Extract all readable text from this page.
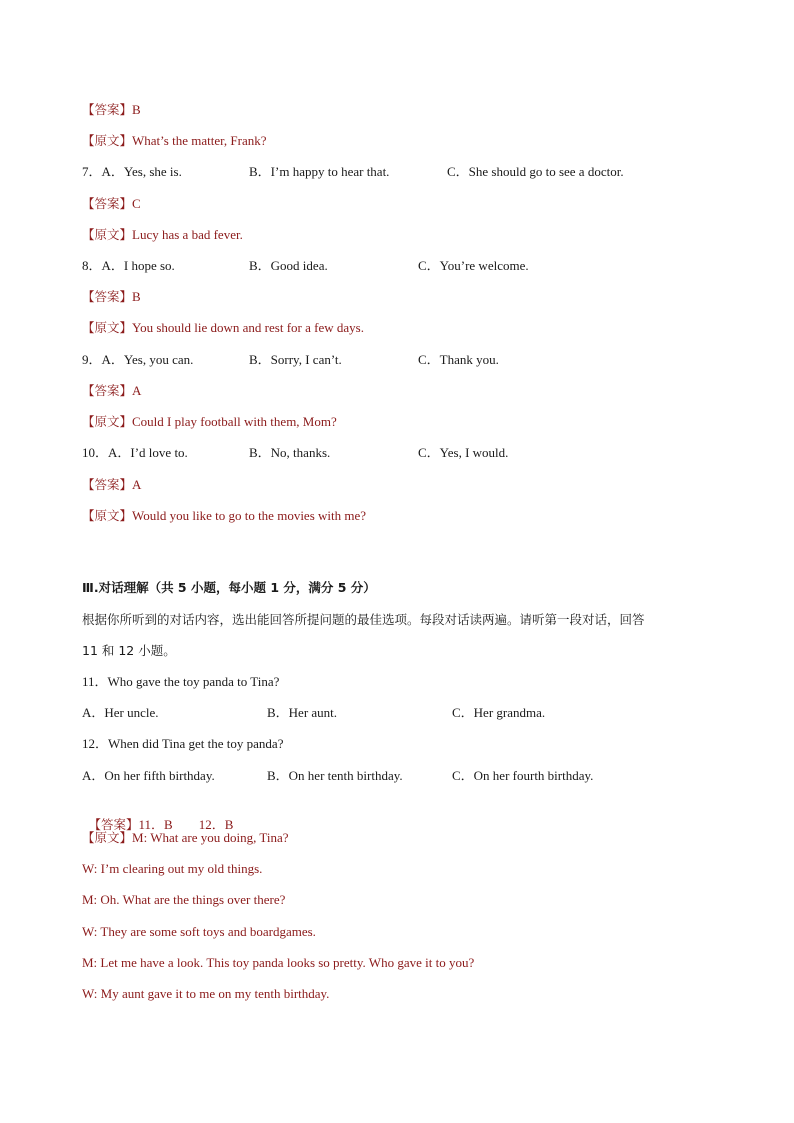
【答案】B
【原文】What’s the matter, Frank?
7．A．Yes, she is.	B．I’m happy to hear that.	C．She should go to see a doctor.
【答案】C
【原文】Lucy has a bad fever.
8．A．I hope so.	B．Good idea.	C．You’re welcome.
【答案】B
【原文】You should lie down and rest for a few days.
9．A．Yes, you can.	B．Sorry, I can’t.	C．Thank you.
【答案】A
【原文】Could I play football with them, Mom?
10．A．I’d love to.	B．No, thanks.	C．Yes, I would.
【答案】A
【原文】Would you like to go to the movies with me?
Ⅲ.对话理解（共 5 小题，每小题 1 分，满分 5 分）
根据你所听到的对话内容，选出能回答所提问题的最佳选项。每段对话读两遍。请听第一段对话，回答
11 和 12 小题。
11．Who gave the toy panda to Tina?
A．Her uncle.	B．Her aunt.	C．Her grandma.
12．When did Tina get the toy panda?
A．On her fifth birthday.	B．On her tenth birthday.	C．On her fourth birthday.

【答案】11．B        12．B

【原文】M: What are you doing, Tina?
W: I’m clearing out my old things.
M: Oh. What are the things over there?
W: They are some soft toys and boardgames.
M: Let me have a look. This toy panda looks so pretty. Who gave it to you?
W: My aunt gave it to me on my tenth birthday.
